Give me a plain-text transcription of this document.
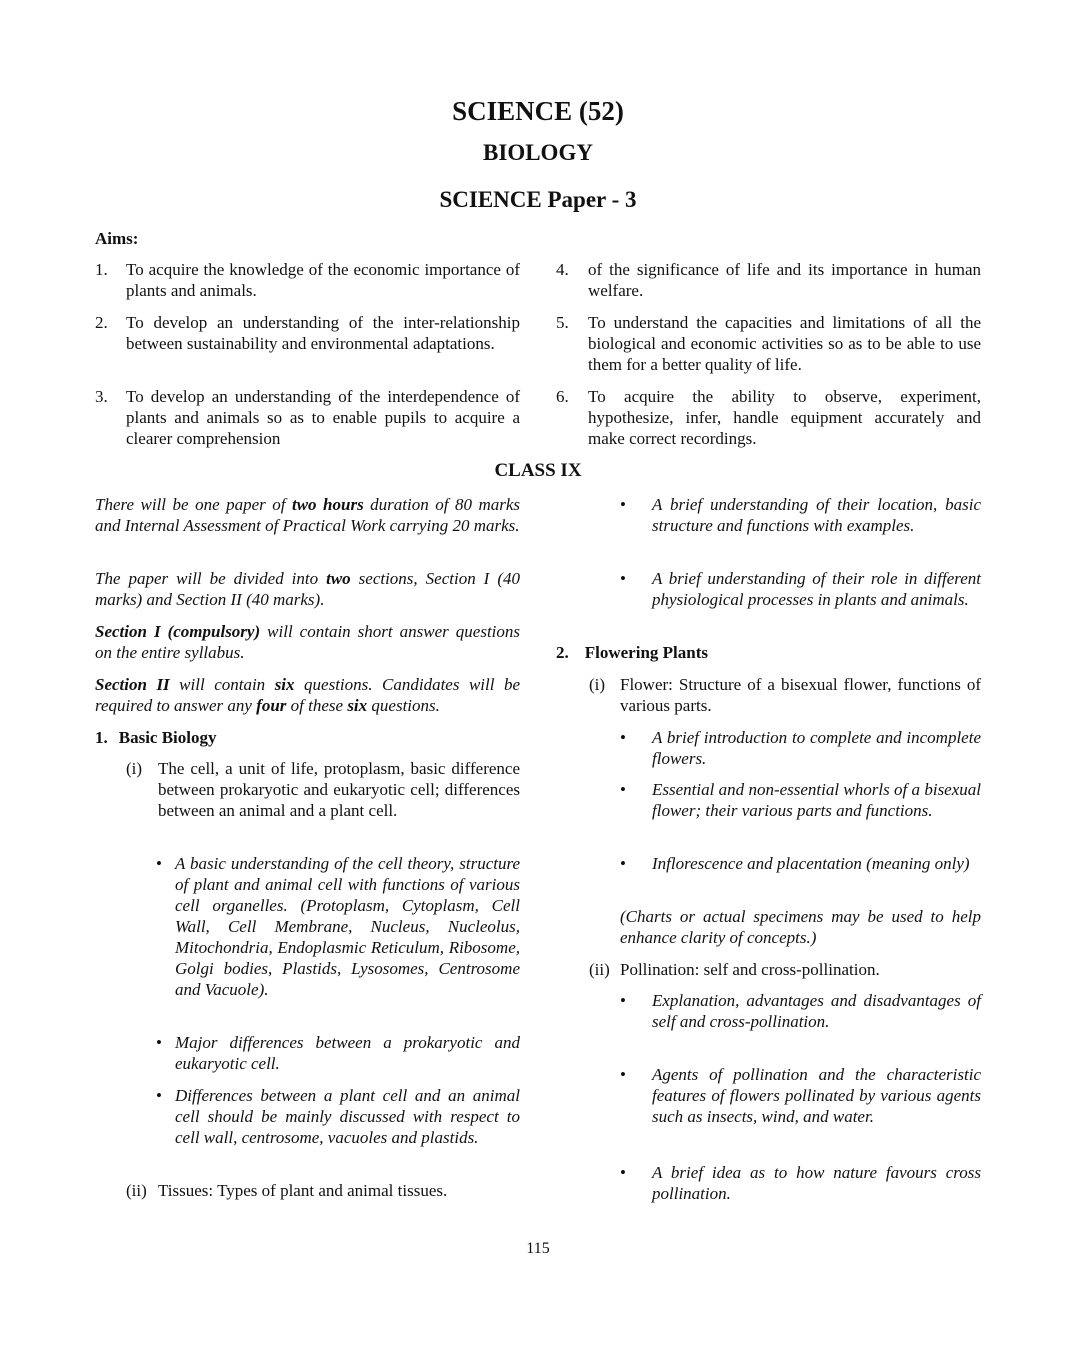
SCIENCE (52)
BIOLOGY
SCIENCE Paper - 3
Aims:
1. To acquire the knowledge of the economic importance of plants and animals.

2. To develop an understanding of the inter-relationship between sustainability and environmental adaptations.

3. To develop an understanding of the interdependence of plants and animals so as to enable pupils to acquire a clearer comprehension

4. of the significance of life and its importance in human welfare.

5. To understand the capacities and limitations of all the biological and economic activities so as to be able to use them for a better quality of life.

6. To acquire the ability to observe, experiment, hypothesize, infer, handle equipment accurately and make correct recordings.

CLASS IX

There will be one paper of two hours duration of 80 marks and Internal Assessment of Practical Work carrying 20 marks.

The paper will be divided into two sections, Section I (40 marks) and Section II (40 marks).

Section I (compulsory) will contain short answer questions on the entire syllabus.

Section II will contain six questions. Candidates will be required to answer any four of these six questions.

1. Basic Biology
(i) The cell, a unit of life, protoplasm, basic difference between prokaryotic and eukaryotic cell; differences between an animal and a plant cell.

• A basic understanding of the cell theory, structure of plant and animal cell with functions of various cell organelles. (Protoplasm, Cytoplasm, Cell Wall, Cell Membrane, Nucleus, Nucleolus, Mitochondria, Endoplasmic Reticulum, Ribosome, Golgi bodies, Plastids, Lysosomes, Centrosome and Vacuole).

• Major differences between a prokaryotic and eukaryotic cell.

• Differences between a plant cell and an animal cell should be mainly discussed with respect to cell wall, centrosome, vacuoles and plastids.

(ii) Tissues: Types of plant and animal tissues.

• A brief understanding of their location, basic structure and functions with examples.

• A brief understanding of their role in different physiological processes in plants and animals.

2. Flowering Plants
(i) Flower: Structure of a bisexual flower, functions of various parts.

• A brief introduction to complete and incomplete flowers.

• Essential and non-essential whorls of a bisexual flower; their various parts and functions.

• Inflorescence and placentation (meaning only)

(Charts or actual specimens may be used to help enhance clarity of concepts.)

(ii) Pollination: self and cross-pollination.

• Explanation, advantages and disadvantages of self and cross-pollination.

• Agents of pollination and the characteristic features of flowers pollinated by various agents such as insects, wind, and water.

• A brief idea as to how nature favours cross pollination.

115
